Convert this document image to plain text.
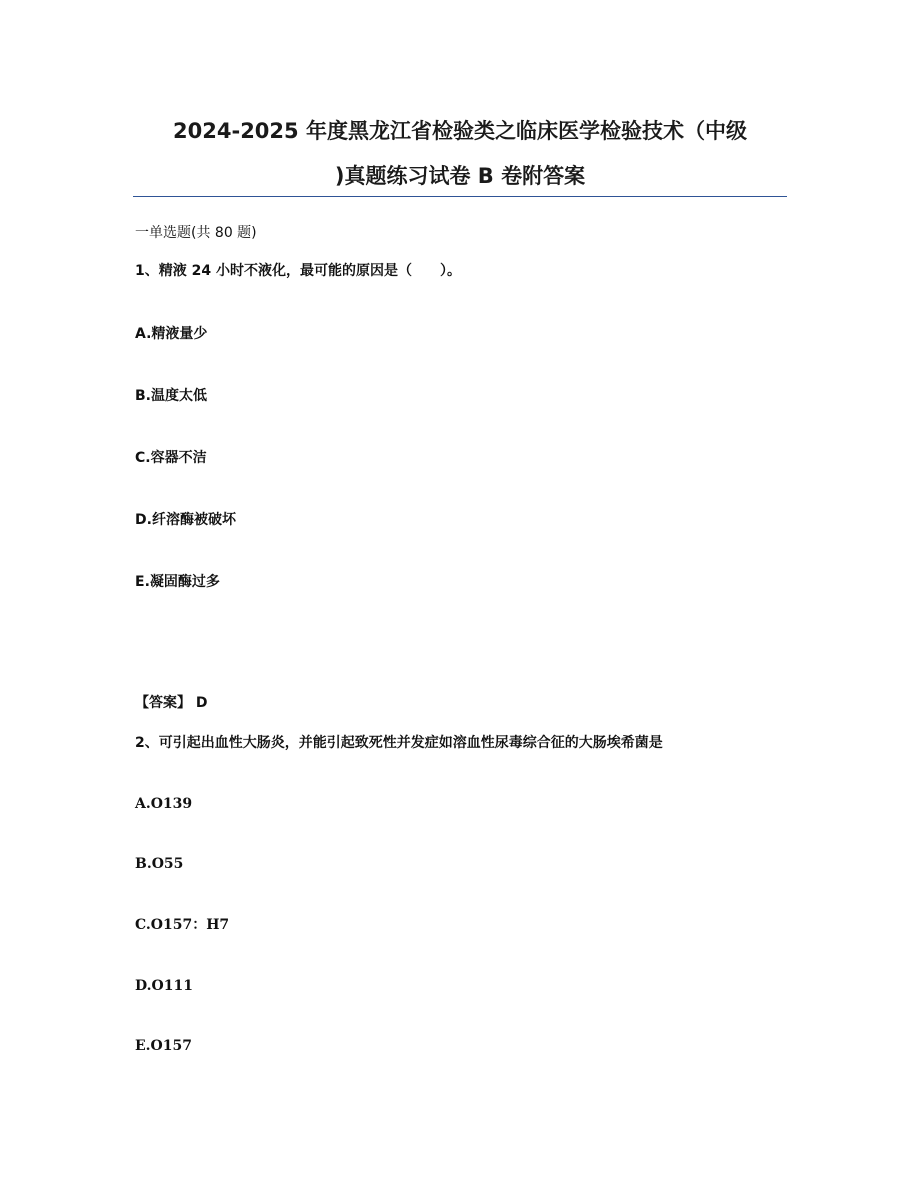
2024-2025 年度黑龙江省检验类之临床医学检验技术（中级
)真题练习试卷 B 卷附答案
一单选题(共 80 题)
1、精液 24 小时不液化，最可能的原因是（　　）。
A.精液量少
B.温度太低
C.容器不洁
D.纤溶酶被破坏
E.凝固酶过多
【答案】 D
2、可引起出血性大肠炎，并能引起致死性并发症如溶血性尿毒综合征的大肠埃希菌是
A.O139
B.O55
C.O157：H7
D.O111
E.O157
